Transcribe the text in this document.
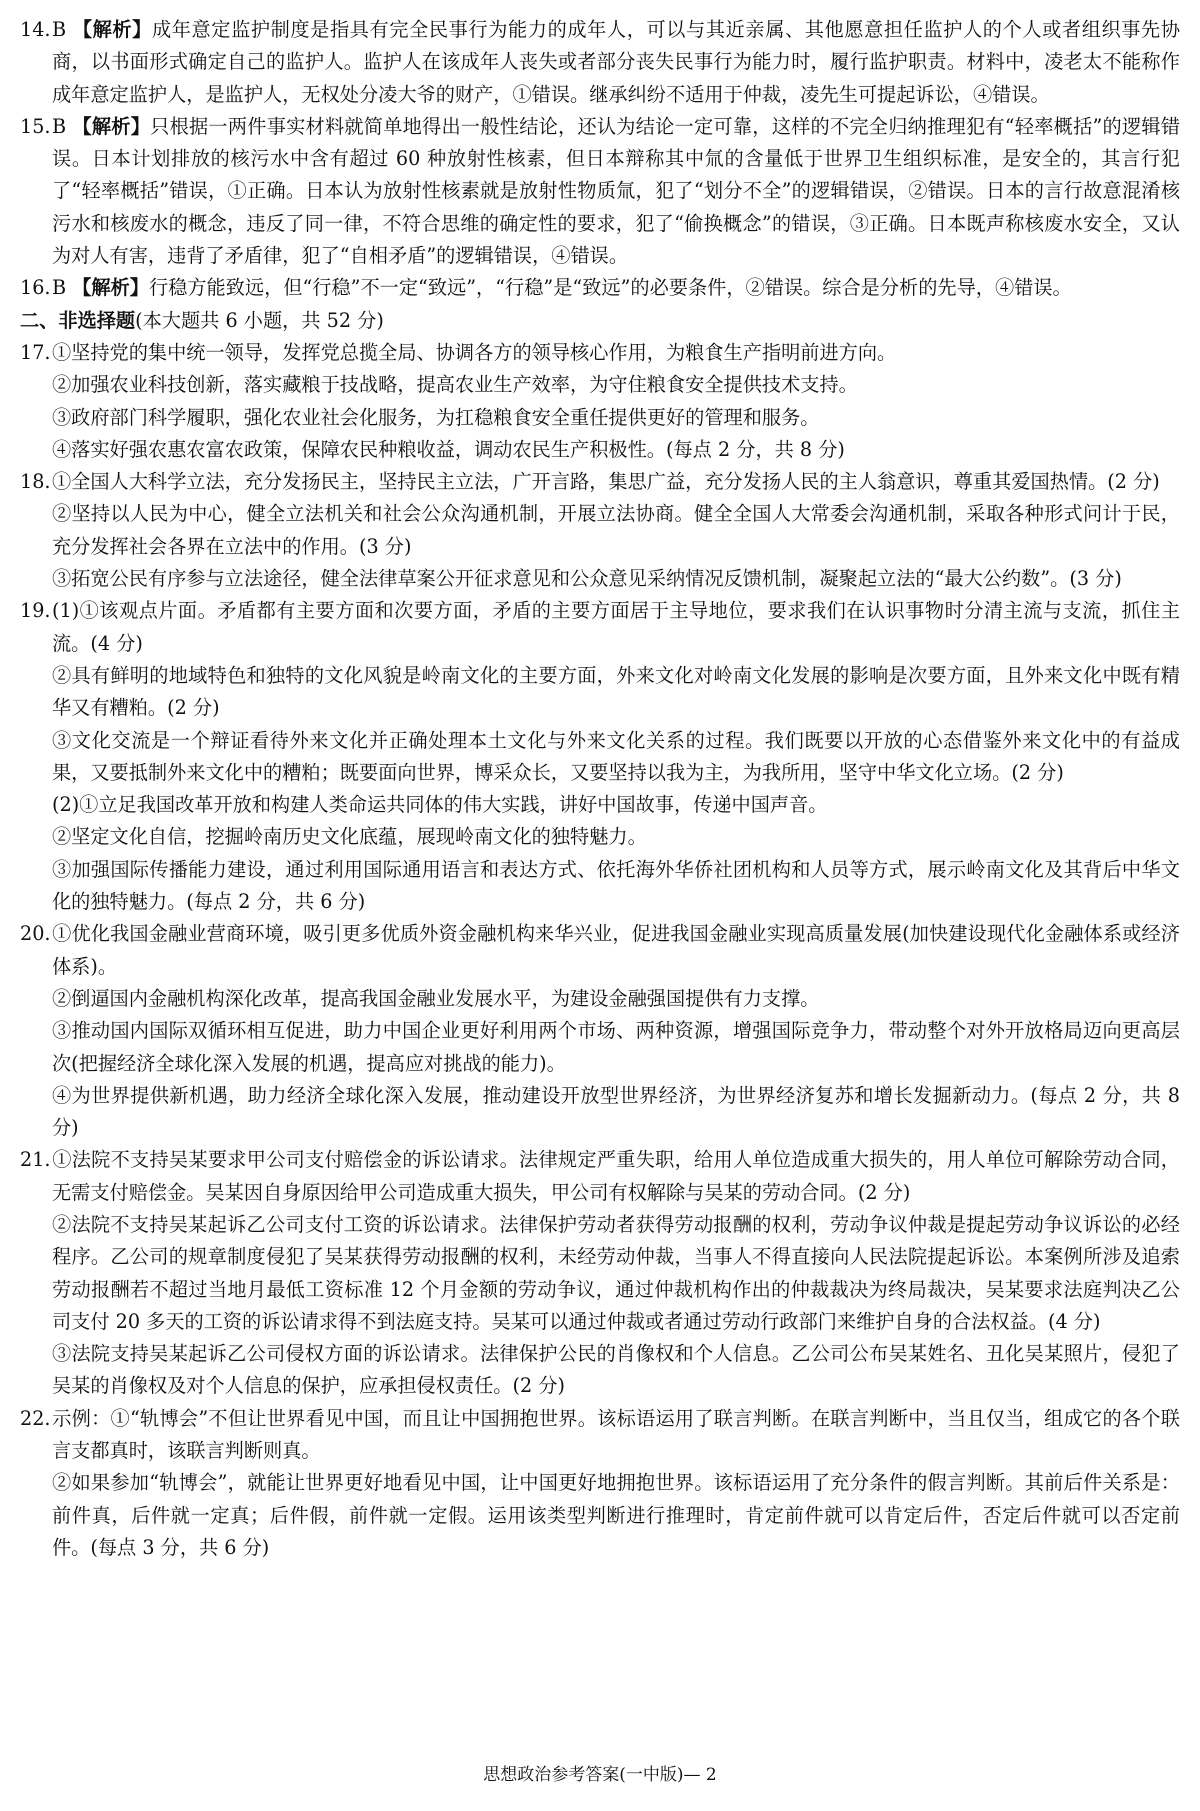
14.B 【解析】成年意定监护制度是指具有完全民事行为能力的成年人，可以与其近亲属、其他愿意担任监护人的个人或者组织事先协商，以书面形式确定自己的监护人。监护人在该成年人丧失或者部分丧失民事行为能力时，履行监护职责。材料中，凌老太不能称作成年意定监护人，是监护人，无权处分凌大爷的财产，①错误。继承纠纷不适用于仲裁，凌先生可提起诉讼，④错误。
15.B 【解析】只根据一两件事实材料就简单地得出一般性结论，还认为结论一定可靠，这样的不完全归纳推理犯有“轻率概括”的逻辑错误。日本计划排放的核污水中含有超过 60 种放射性核素，但日本辩称其中氚的含量低于世界卫生组织标准，是安全的，其言行犯了“轻率概括”错误，①正确。日本认为放射性核素就是放射性物质氚，犯了“划分不全”的逻辑错误，②错误。日本的言行故意混淆核污水和核废水的概念，违反了同一律，不符合思维的确定性的要求，犯了“偷换概念”的错误，③正确。日本既声称核废水安全，又认为对人有害，违背了矛盾律，犯了“自相矛盾”的逻辑错误，④错误。
16.B 【解析】行稳方能致远，但“行稳”不一定“致远”，“行稳”是“致远”的必要条件，②错误。综合是分析的先导，④错误。
二、非选择题(本大题共 6 小题，共 52 分)
17.①坚持党的集中统一领导，发挥党总揽全局、协调各方的领导核心作用，为粮食生产指明前进方向。
②加强农业科技创新，落实藏粮于技战略，提高农业生产效率，为守住粮食安全提供技术支持。
③政府部门科学履职，强化农业社会化服务，为扛稳粮食安全重任提供更好的管理和服务。
④落实好强农惠农富农政策，保障农民种粮收益，调动农民生产积极性。(每点 2 分，共 8 分)
18.①全国人大科学立法，充分发扬民主，坚持民主立法，广开言路，集思广益，充分发扬人民的主人翁意识，尊重其爱国热情。(2 分)
②坚持以人民为中心，健全立法机关和社会公众沟通机制，开展立法协商。健全全国人大常委会沟通机制，采取各种形式问计于民，充分发挥社会各界在立法中的作用。(3 分)
③拓宽公民有序参与立法途径，健全法律草案公开征求意见和公众意见采纳情况反馈机制，凝聚起立法的“最大公约数”。(3 分)
19.(1)①该观点片面。矛盾都有主要方面和次要方面，矛盾的主要方面居于主导地位，要求我们在认识事物时分清主流与支流，抓住主流。(4 分)
②具有鲜明的地域特色和独特的文化风貌是岭南文化的主要方面，外来文化对岭南文化发展的影响是次要方面，且外来文化中既有精华又有糟粕。(2 分)
③文化交流是一个辩证看待外来文化并正确处理本土文化与外来文化关系的过程。我们既要以开放的心态借鉴外来文化中的有益成果，又要抵制外来文化中的糟粕；既要面向世界，博采众长，又要坚持以我为主，为我所用，坚守中华文化立场。(2 分)
(2)①立足我国改革开放和构建人类命运共同体的伟大实践，讲好中国故事，传递中国声音。
②坚定文化自信，挖掘岭南历史文化底蕴，展现岭南文化的独特魅力。
③加强国际传播能力建设，通过利用国际通用语言和表达方式、依托海外华侨社团机构和人员等方式，展示岭南文化及其背后中华文化的独特魅力。(每点 2 分，共 6 分)
20.①优化我国金融业营商环境，吸引更多优质外资金融机构来华兴业，促进我国金融业实现高质量发展(加快建设现代化金融体系或经济体系)。
②倒逼国内金融机构深化改革，提高我国金融业发展水平，为建设金融强国提供有力支撑。
③推动国内国际双循环相互促进，助力中国企业更好利用两个市场、两种资源，增强国际竞争力，带动整个对外开放格局迈向更高层次(把握经济全球化深入发展的机遇，提高应对挑战的能力)。
④为世界提供新机遇，助力经济全球化深入发展，推动建设开放型世界经济，为世界经济复苏和增长发掘新动力。(每点 2 分，共 8 分)
21.①法院不支持吴某要求甲公司支付赔偿金的诉讼请求。法律规定严重失职，给用人单位造成重大损失的，用人单位可解除劳动合同，无需支付赔偿金。吴某因自身原因给甲公司造成重大损失，甲公司有权解除与吴某的劳动合同。(2 分)
②法院不支持吴某起诉乙公司支付工资的诉讼请求。法律保护劳动者获得劳动报酬的权利，劳动争议仲裁是提起劳动争议诉讼的必经程序。乙公司的规章制度侵犯了吴某获得劳动报酬的权利，未经劳动仲裁，当事人不得直接向人民法院提起诉讼。本案例所涉及追索劳动报酬若不超过当地月最低工资标准 12 个月金额的劳动争议，通过仲裁机构作出的仲裁裁决为终局裁决，吴某要求法庭判决乙公司支付 20 多天的工资的诉讼请求得不到法庭支持。吴某可以通过仲裁或者通过劳动行政部门来维护自身的合法权益。(4 分)
③法院支持吴某起诉乙公司侵权方面的诉讼请求。法律保护公民的肖像权和个人信息。乙公司公布吴某姓名、丑化吴某照片，侵犯了吴某的肖像权及对个人信息的保护，应承担侵权责任。(2 分)
22.示例：①“轨博会”不但让世界看见中国，而且让中国拥抱世界。该标语运用了联言判断。在联言判断中，当且仅当，组成它的各个联言支都真时，该联言判断则真。
②如果参加“轨博会”，就能让世界更好地看见中国，让中国更好地拥抱世界。该标语运用了充分条件的假言判断。其前后件关系是：前件真，后件就一定真；后件假，前件就一定假。运用该类型判断进行推理时，肯定前件就可以肯定后件，否定后件就可以否定前件。(每点 3 分，共 6 分)
思想政治参考答案(一中版)— 2
